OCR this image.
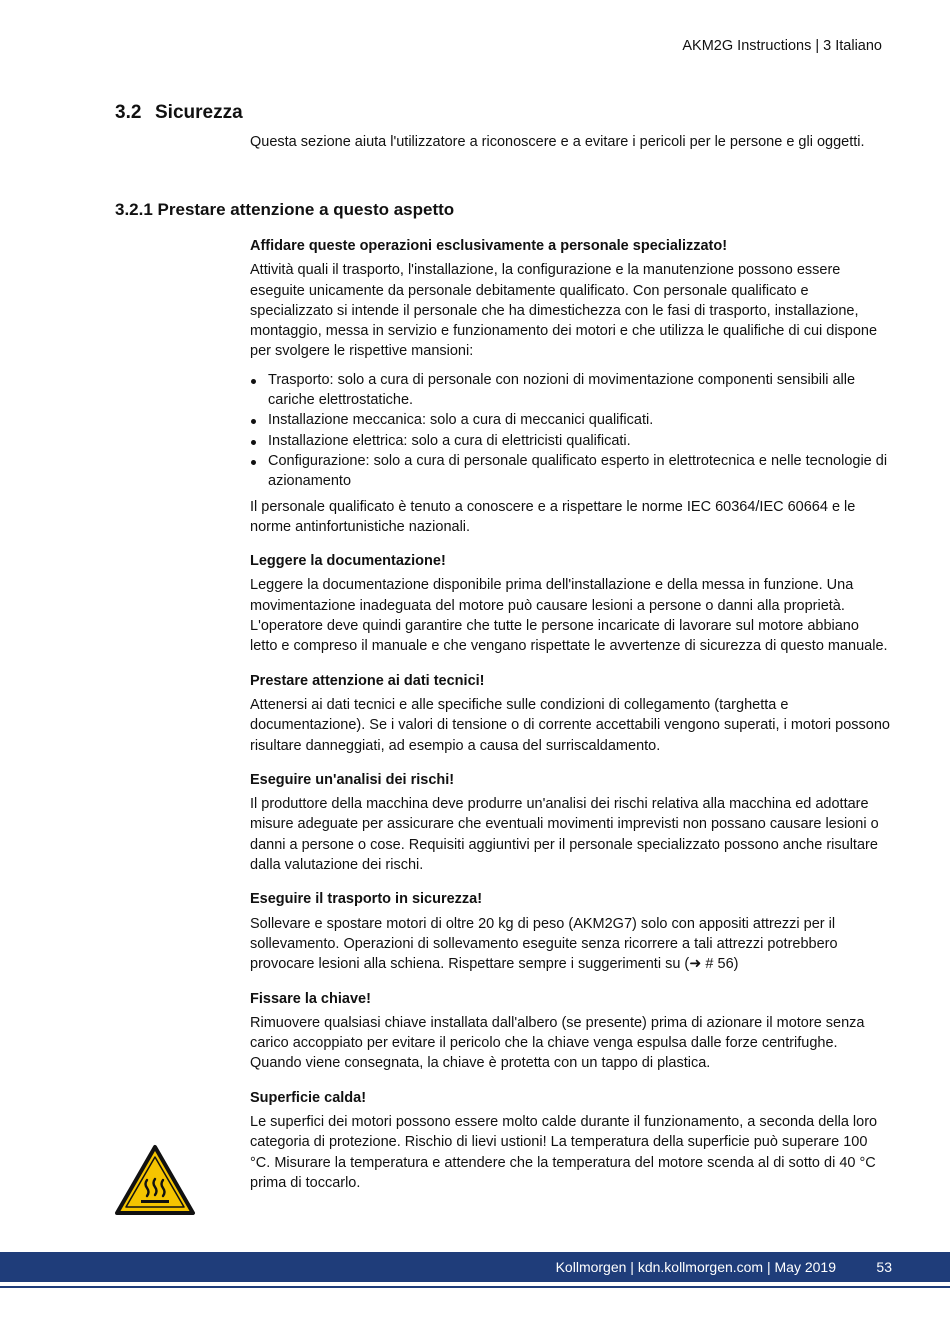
AKM2G Instructions | 3 Italiano
3.2 Sicurezza
Questa sezione aiuta l'utilizzatore a riconoscere e a evitare i pericoli per le persone e gli oggetti.
3.2.1 Prestare attenzione a questo aspetto

Affidare queste operazioni esclusivamente a personale specializzato!

Attività quali il trasporto, l'installazione, la configurazione e la manutenzione possono essere eseguite unicamente da personale debitamente qualificato. Con personale qualificato e specializzato si intende il personale che ha dimestichezza con le fasi di trasporto, installazione, montaggio, messa in servizio e funzionamento dei motori e che utilizza le qualifiche di cui dispone per svolgere le rispettive mansioni:

Trasporto: solo a cura di personale con nozioni di movimentazione componenti sensibili alle cariche elettrostatiche.
Installazione meccanica: solo a cura di meccanici qualificati.
Installazione elettrica: solo a cura di elettricisti qualificati.
Configurazione: solo a cura di personale qualificato esperto in elettrotecnica e nelle tecnologie di azionamento

Il personale qualificato è tenuto a conoscere e a rispettare le norme IEC 60364/IEC 60664 e le norme antinfortunistiche nazionali.

Leggere la documentazione!

Leggere la documentazione disponibile prima dell'installazione e della messa in funzione. Una movimentazione inadeguata del motore può causare lesioni a persone o danni alla proprietà. L'operatore deve quindi garantire che tutte le persone incaricate di lavorare sul motore abbiano letto e compreso il manuale e che vengano rispettate le avvertenze di sicurezza di questo manuale.

Prestare attenzione ai dati tecnici!

Attenersi ai dati tecnici e alle specifiche sulle condizioni di collegamento (targhetta e documentazione). Se i valori di tensione o di corrente accettabili vengono superati, i motori possono risultare danneggiati, ad esempio a causa del surriscaldamento.

Eseguire un'analisi dei rischi!

Il produttore della macchina deve produrre un'analisi dei rischi relativa alla macchina ed adottare misure adeguate per assicurare che eventuali movimenti imprevisti non possano causare lesioni o danni a persone o cose. Requisiti aggiuntivi per il personale specializzato possono anche risultare dalla valutazione dei rischi.

Eseguire il trasporto in sicurezza!

Sollevare e spostare motori di oltre 20 kg di peso (AKM2G7) solo con appositi attrezzi per il sollevamento. Operazioni di sollevamento eseguite senza ricorrere a tali attrezzi potrebbero provocare lesioni alla schiena. Rispettare sempre i suggerimenti su (➜ # 56)

Fissare la chiave!

Rimuovere qualsiasi chiave installata dall'albero (se presente) prima di azionare il motore senza carico accoppiato per evitare il pericolo che la chiave venga espulsa dalle forze centrifughe. Quando viene consegnata, la chiave è protetta con un tappo di plastica.

Superficie calda!

Le superfici dei motori possono essere molto calde durante il funzionamento, a seconda della loro categoria di protezione. Rischio di lievi ustioni! La temperatura della superficie può superare 100 °C. Misurare la temperatura e attendere che la temperatura del motore scenda al di sotto di 40 °C prima di toccarlo.

Kollmorgen | kdn.kollmorgen.com | May 2019	53
